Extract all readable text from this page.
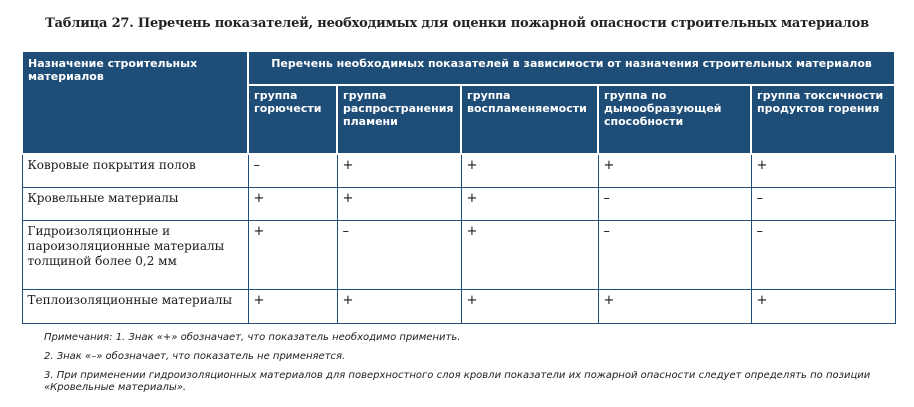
Таблица 27. Перечень показателей, необходимых для оценки пожарной опасности строительных материалов
Назначение строительных материалов	Перечень необходимых показателей в зависимости от назначения строительных материалов				
	группа горючести	группа распространения пламени	группа воспламеняемости	группа по дымообразующей способности	группа токсичности продуктов горения
Ковровые покрытия полов	–	+	+	+	+
Кровельные материалы	+	+	+	–	–
Гидроизоляционные и пароизоляционные материалы толщиной более 0,2 мм	+	–	+	–	–
Теплоизоляционные материалы	+	+	+	+	+

Примечания: 1. Знак «+» обозначает, что показатель необходимо применить.

2. Знак «–» обозначает, что показатель не применяется.

3. При применении гидроизоляционных материалов для поверхностного слоя кровли показатели их пожарной опасности следует определять по позиции «Кровельные материалы».
